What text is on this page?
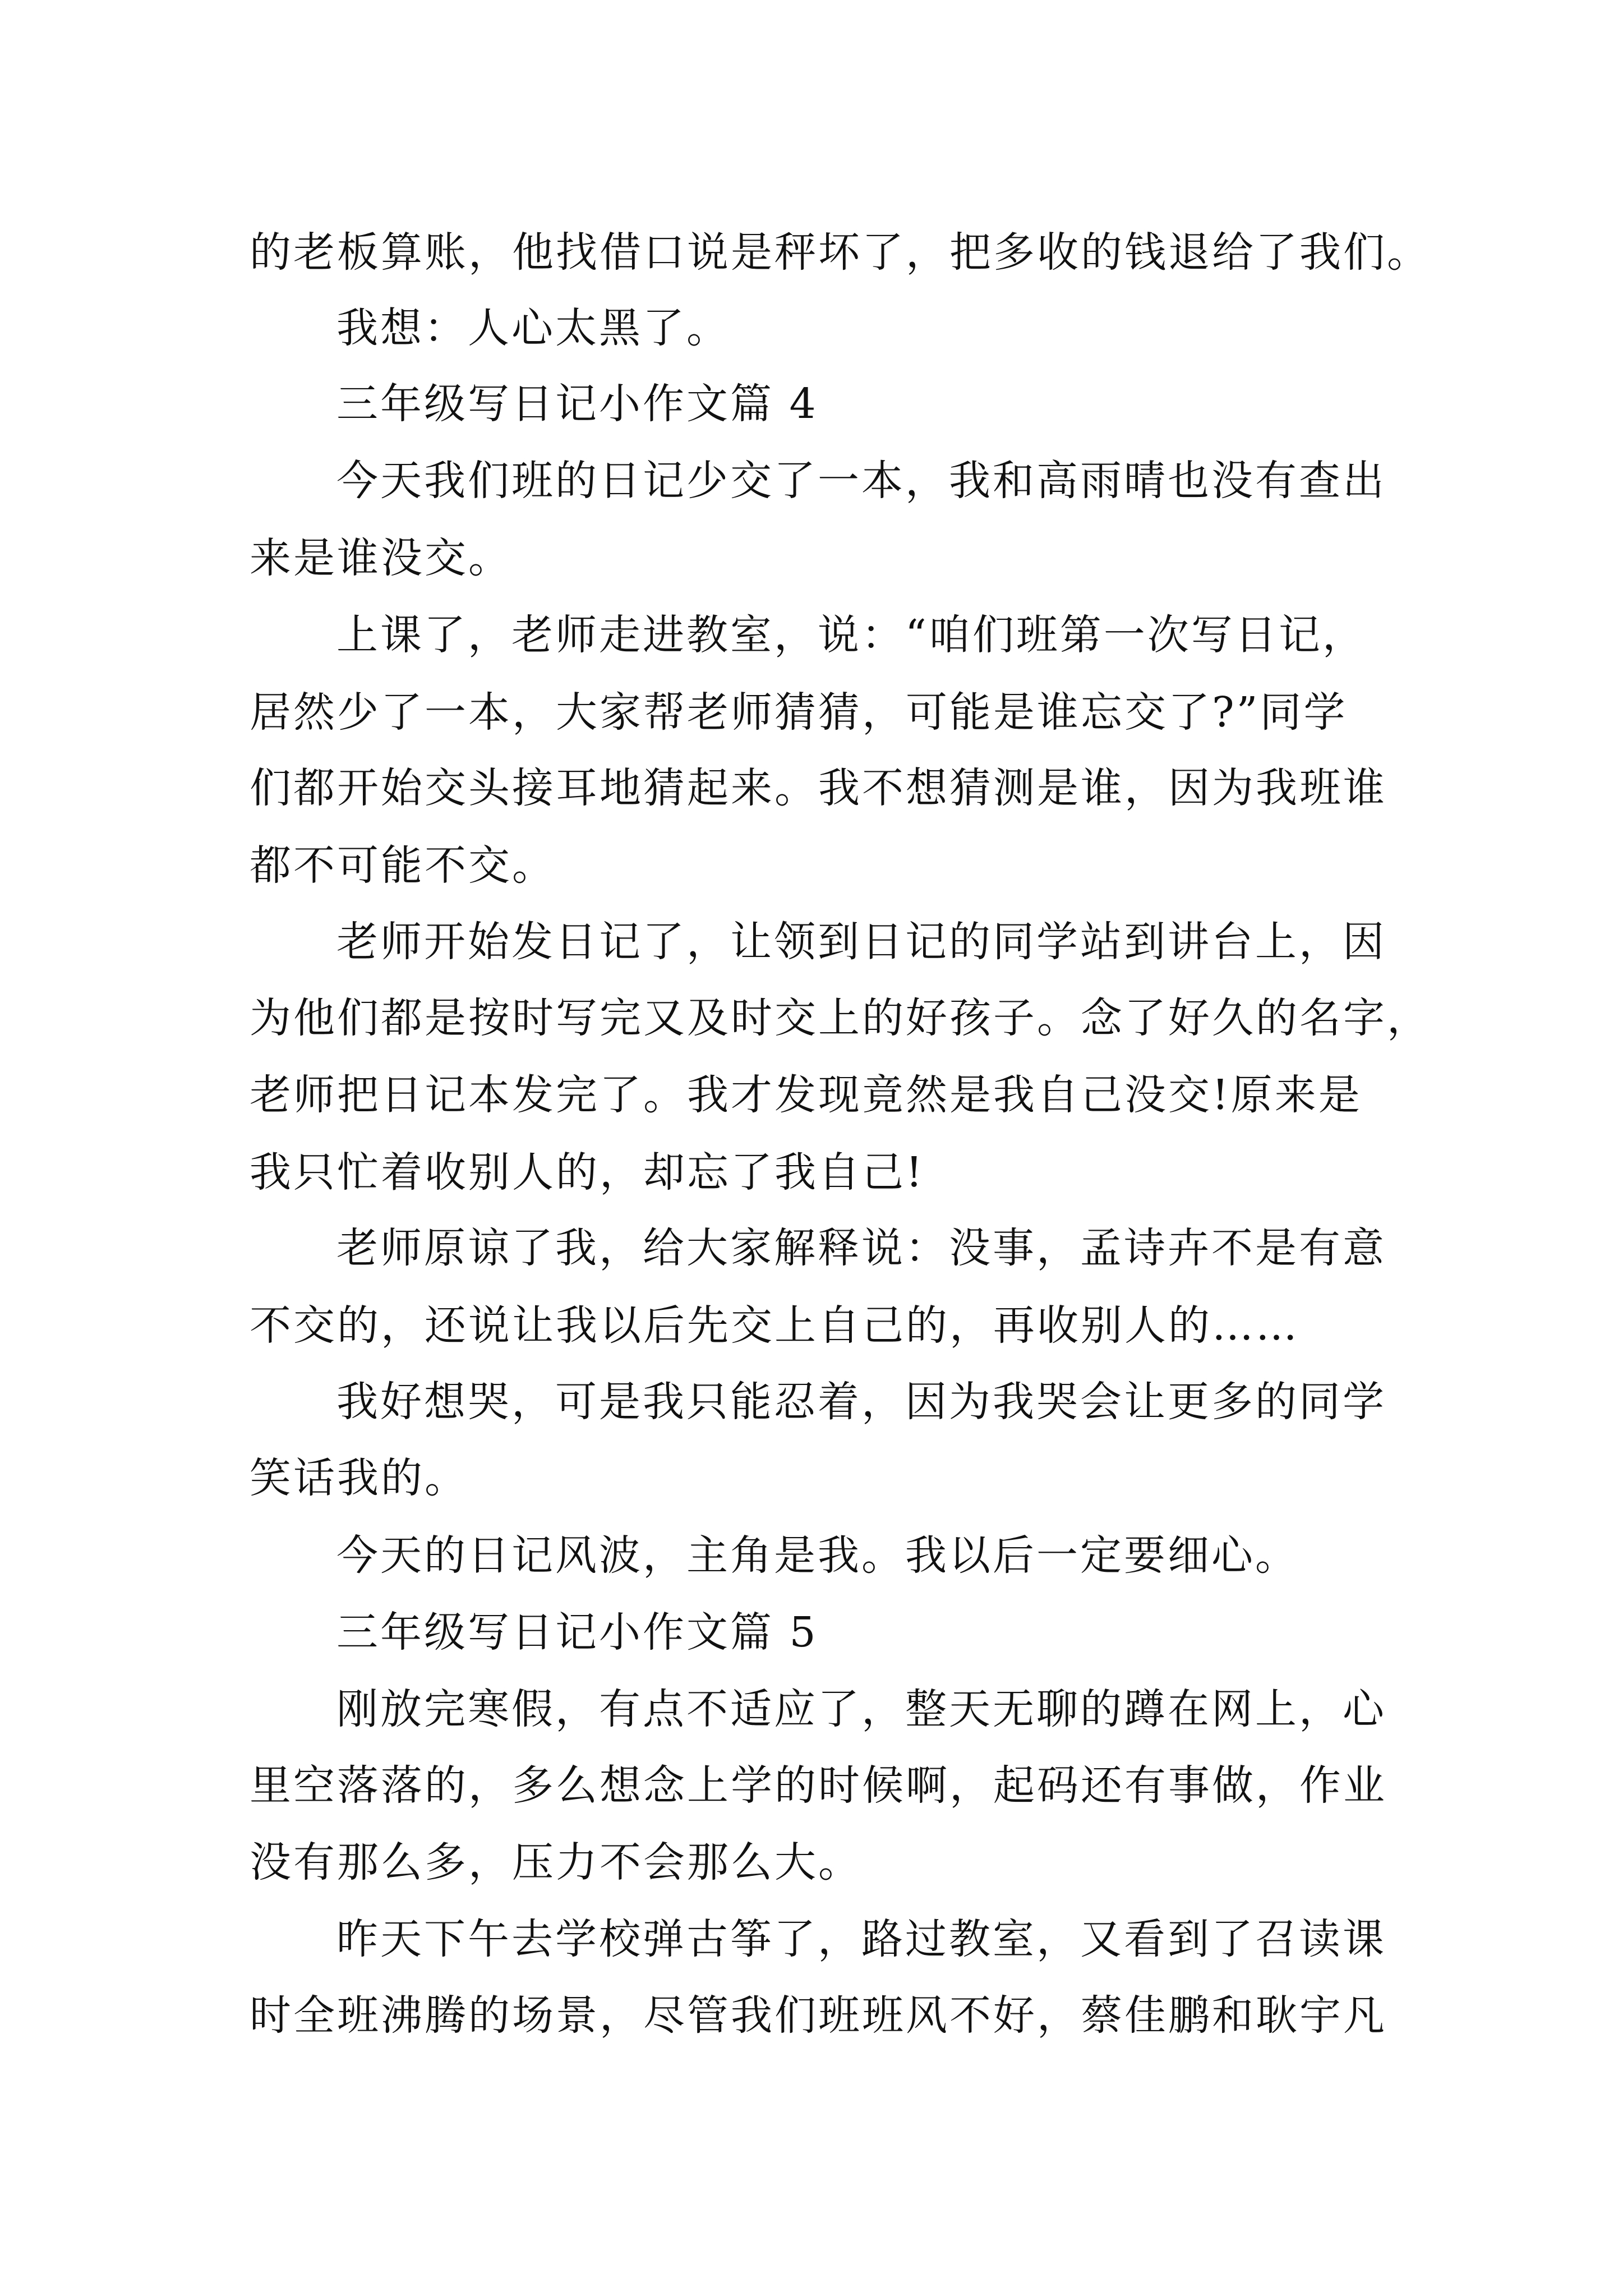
的老板算账，他找借口说是秤坏了，把多收的钱退给了我们。
我想：人心太黑了。
三年级写日记小作文篇 4
今天我们班的日记少交了一本，我和高雨晴也没有查出
来是谁没交。
上课了，老师走进教室，说：“咱们班第一次写日记，
居然少了一本，大家帮老师猜猜，可能是谁忘交了?”同学
们都开始交头接耳地猜起来。我不想猜测是谁，因为我班谁
都不可能不交。
老师开始发日记了，让领到日记的同学站到讲台上，因
为他们都是按时写完又及时交上的好孩子。念了好久的名字，
老师把日记本发完了。我才发现竟然是我自己没交!原来是
我只忙着收别人的，却忘了我自己!
老师原谅了我，给大家解释说：没事，孟诗卉不是有意
不交的，还说让我以后先交上自己的，再收别人的……
我好想哭，可是我只能忍着，因为我哭会让更多的同学
笑话我的。
今天的日记风波，主角是我。我以后一定要细心。
三年级写日记小作文篇 5
刚放完寒假，有点不适应了，整天无聊的蹲在网上，心
里空落落的，多么想念上学的时候啊，起码还有事做，作业
没有那么多，压力不会那么大。
昨天下午去学校弹古筝了，路过教室，又看到了召读课
时全班沸腾的场景，尽管我们班班风不好，蔡佳鹏和耿宇凡
